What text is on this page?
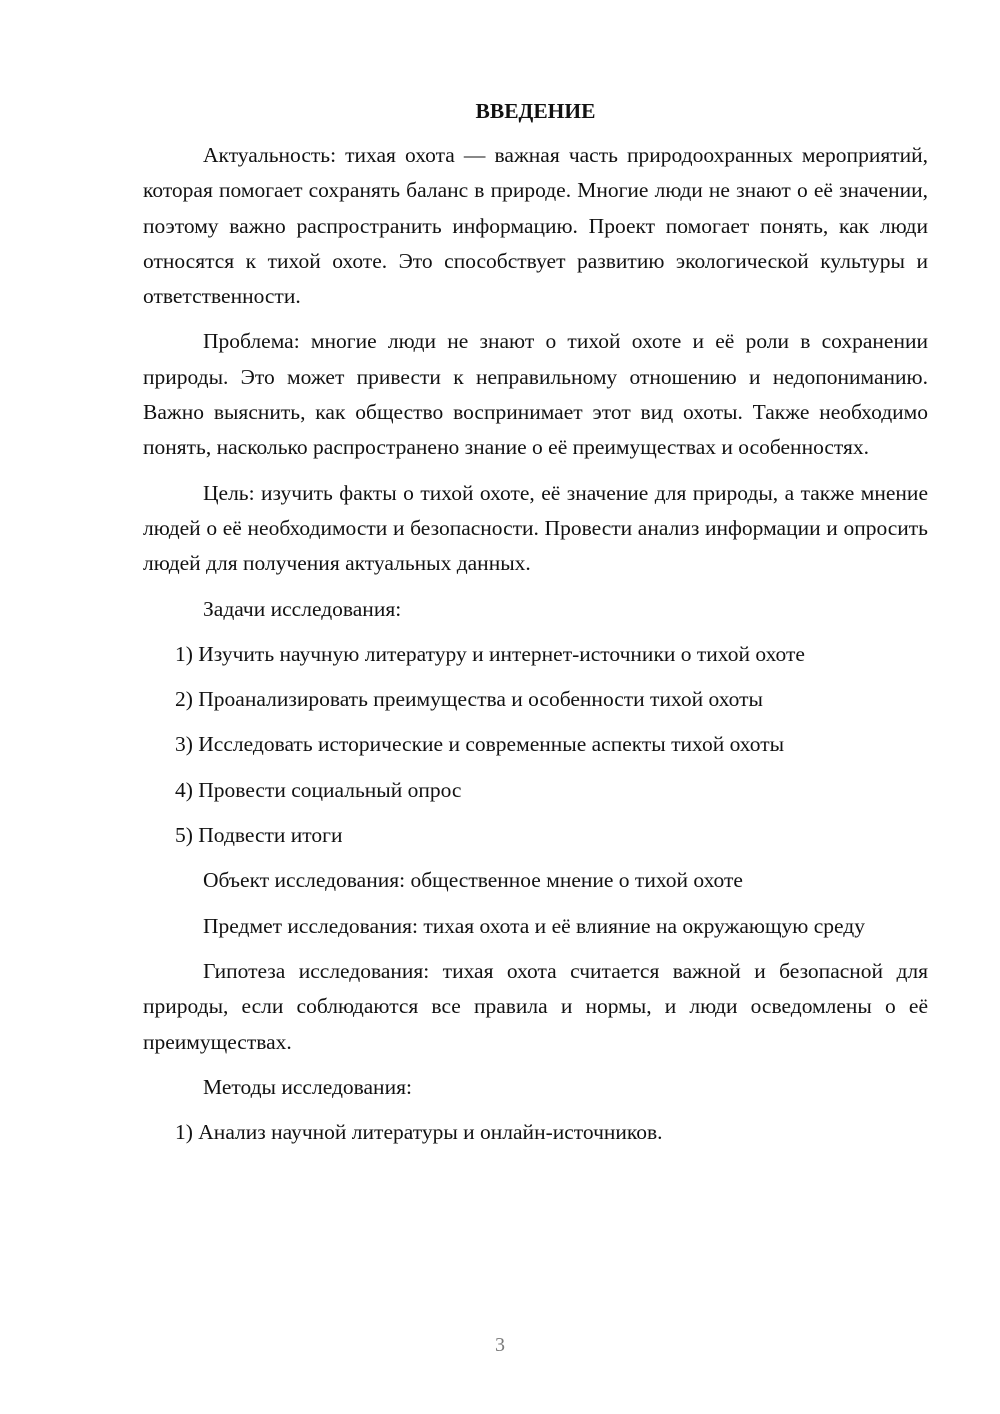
ВВЕДЕНИЕ

Актуальность: тихая охота — важная часть природоохранных мероприятий, которая помогает сохранять баланс в природе. Многие люди не знают о её значении, поэтому важно распространить информацию. Проект помогает понять, как люди относятся к тихой охоте. Это способствует развитию экологической культуры и ответственности.

Проблема: многие люди не знают о тихой охоте и её роли в сохранении природы. Это может привести к неправильному отношению и недопониманию. Важно выяснить, как общество воспринимает этот вид охоты. Также необходимо понять, насколько распространено знание о её преимуществах и особенностях.

Цель: изучить факты о тихой охоте, её значение для природы, а также мнение людей о её необходимости и безопасности. Провести анализ информации и опросить людей для получения актуальных данных.

Задачи исследования:
1) Изучить научную литературу и интернет-источники о тихой охоте
2) Проанализировать преимущества и особенности тихой охоты
3) Исследовать исторические и современные аспекты тихой охоты
4) Провести социальный опрос
5) Подвести итоги

Объект исследования: общественное мнение о тихой охоте

Предмет исследования: тихая охота и её влияние на окружающую среду

Гипотеза исследования: тихая охота считается важной и безопасной для природы, если соблюдаются все правила и нормы, и люди осведомлены о её преимуществах.

Методы исследования:
1) Анализ научной литературы и онлайн-источников.
3
